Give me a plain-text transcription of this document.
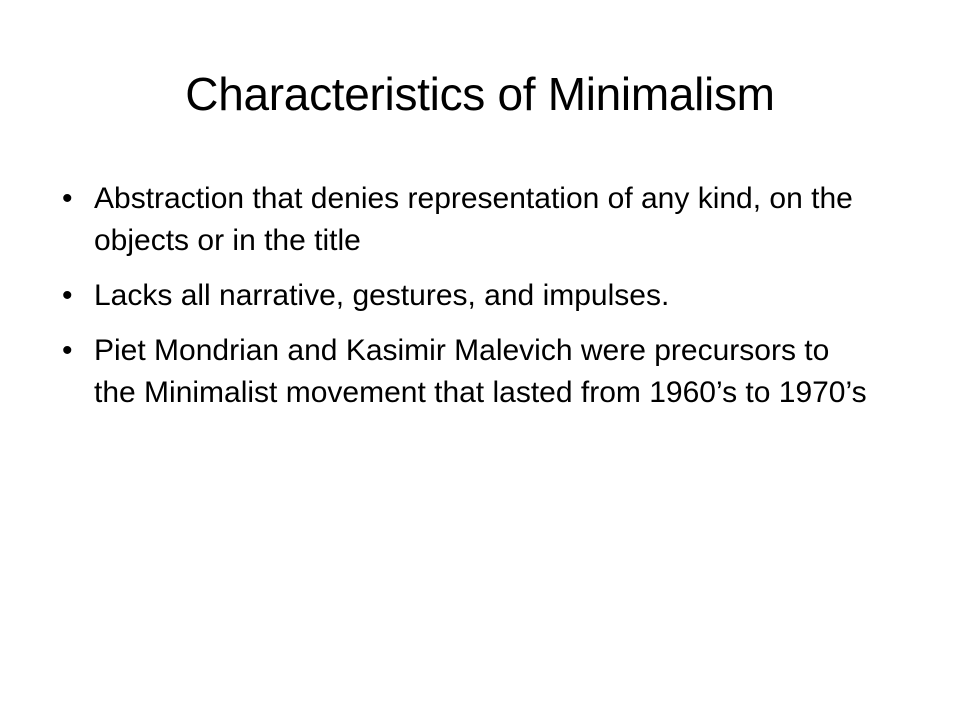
Characteristics of Minimalism
• Abstraction that denies representation of any kind, on the objects or in the title
• Lacks all narrative, gestures, and impulses.
• Piet Mondrian and Kasimir Malevich were precursors to the Minimalist movement that lasted from 1960’s to 1970’s
